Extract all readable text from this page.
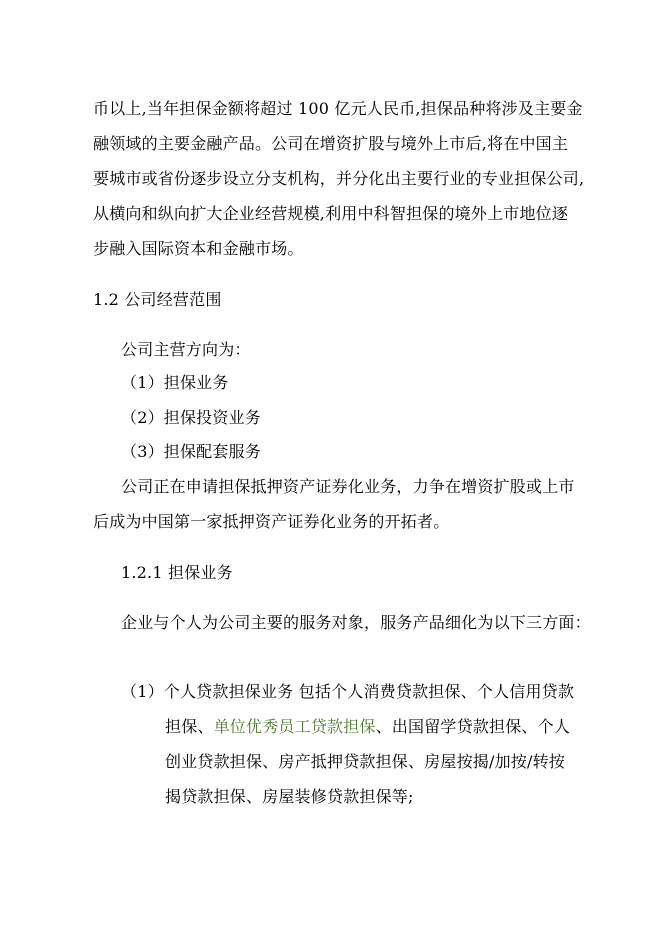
币以上,当年担保金额将超过 100 亿元人民币,担保品种将涉及主要金
融领域的主要金融产品。公司在增资扩股与境外上市后,将在中国主
要城市或省份逐步设立分支机构，并分化出主要行业的专业担保公司,
从横向和纵向扩大企业经营规模,利用中科智担保的境外上市地位逐
步融入国际资本和金融市场。
1.2 公司经营范围
公司主营方向为：
（1）担保业务
（2）担保投资业务
（3）担保配套服务
公司正在申请担保抵押资产证券化业务，力争在增资扩股或上市
后成为中国第一家抵押资产证券化业务的开拓者。
1.2.1 担保业务
企业与个人为公司主要的服务对象，服务产品细化为以下三方面：
（1）个人贷款担保业务 包括个人消费贷款担保、个人信用贷款
担保、单位优秀员工贷款担保、出国留学贷款担保、个人
创业贷款担保、房产抵押贷款担保、房屋按揭/加按/转按
揭贷款担保、房屋装修贷款担保等;
